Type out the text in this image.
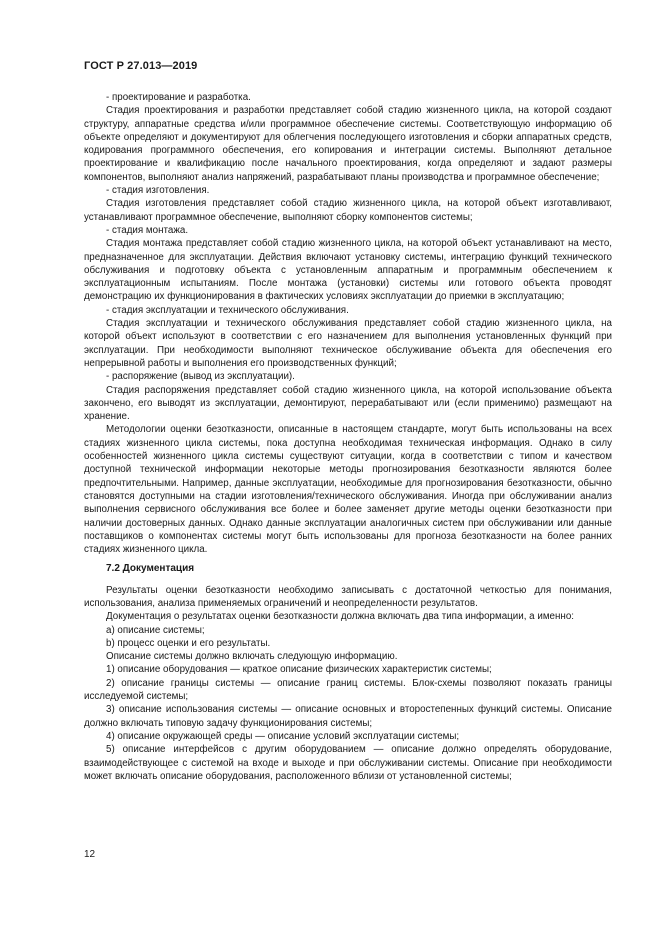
ГОСТ Р 27.013—2019

- проектирование и разработка.

Стадия проектирования и разработки представляет собой стадию жизненного цикла, на которой создают структуру, аппаратные средства и/или программное обеспечение системы. Соответствующую информацию об объекте определяют и документируют для облегчения последующего изготовления и сборки аппаратных средств, кодирования программного обеспечения, его копирования и интеграции системы. Выполняют детальное проектирование и квалификацию после начального проектирования, когда определяют и задают размеры компонентов, выполняют анализ напряжений, разрабатывают планы производства и программное обеспечение;

- стадия изготовления.

Стадия изготовления представляет собой стадию жизненного цикла, на которой объект изготавливают, устанавливают программное обеспечение, выполняют сборку компонентов системы;

- стадия монтажа.

Стадия монтажа представляет собой стадию жизненного цикла, на которой объект устанавливают на место, предназначенное для эксплуатации. Действия включают установку системы, интеграцию функций технического обслуживания и подготовку объекта с установленным аппаратным и программным обеспечением к эксплуатационным испытаниям. После монтажа (установки) системы или готового объекта проводят демонстрацию их функционирования в фактических условиях эксплуатации до приемки в эксплуатацию;

- стадия эксплуатации и технического обслуживания.

Стадия эксплуатации и технического обслуживания представляет собой стадию жизненного цикла, на которой объект используют в соответствии с его назначением для выполнения установленных функций при эксплуатации. При необходимости выполняют техническое обслуживание объекта для обеспечения его непрерывной работы и выполнения его производственных функций;

- распоряжение (вывод из эксплуатации).

Стадия распоряжения представляет собой стадию жизненного цикла, на которой использование объекта закончено, его выводят из эксплуатации, демонтируют, перерабатывают или (если применимо) размещают на хранение.

Методологии оценки безотказности, описанные в настоящем стандарте, могут быть использованы на всех стадиях жизненного цикла системы, пока доступна необходимая техническая информация. Однако в силу особенностей жизненного цикла системы существуют ситуации, когда в соответствии с типом и качеством доступной технической информации некоторые методы прогнозирования безотказности являются более предпочтительными. Например, данные эксплуатации, необходимые для прогнозирования безотказности, обычно становятся доступными на стадии изготовления/технического обслуживания. Иногда при обслуживании анализ выполнения сервисного обслуживания все более и более заменяет другие методы оценки безотказности при наличии достоверных данных. Однако данные эксплуатации аналогичных систем при обслуживании или данные поставщиков о компонентах системы могут быть использованы для прогноза безотказности на более ранних стадиях жизненного цикла.

7.2 Документация

Результаты оценки безотказности необходимо записывать с достаточной четкостью для понимания, использования, анализа применяемых ограничений и неопределенности результатов.

Документация о результатах оценки безотказности должна включать два типа информации, а именно:

a) описание системы;

b) процесс оценки и его результаты.

Описание системы должно включать следующую информацию.

1) описание оборудования — краткое описание физических характеристик системы;

2) описание границы системы — описание границ системы. Блок-схемы позволяют показать границы исследуемой системы;

3) описание использования системы — описание основных и второстепенных функций системы. Описание должно включать типовую задачу функционирования системы;

4) описание окружающей среды — описание условий эксплуатации системы;

5) описание интерфейсов с другим оборудованием — описание должно определять оборудование, взаимодействующее с системой на входе и выходе и при обслуживании системы. Описание при необходимости может включать описание оборудования, расположенного вблизи от установленной системы;

12
